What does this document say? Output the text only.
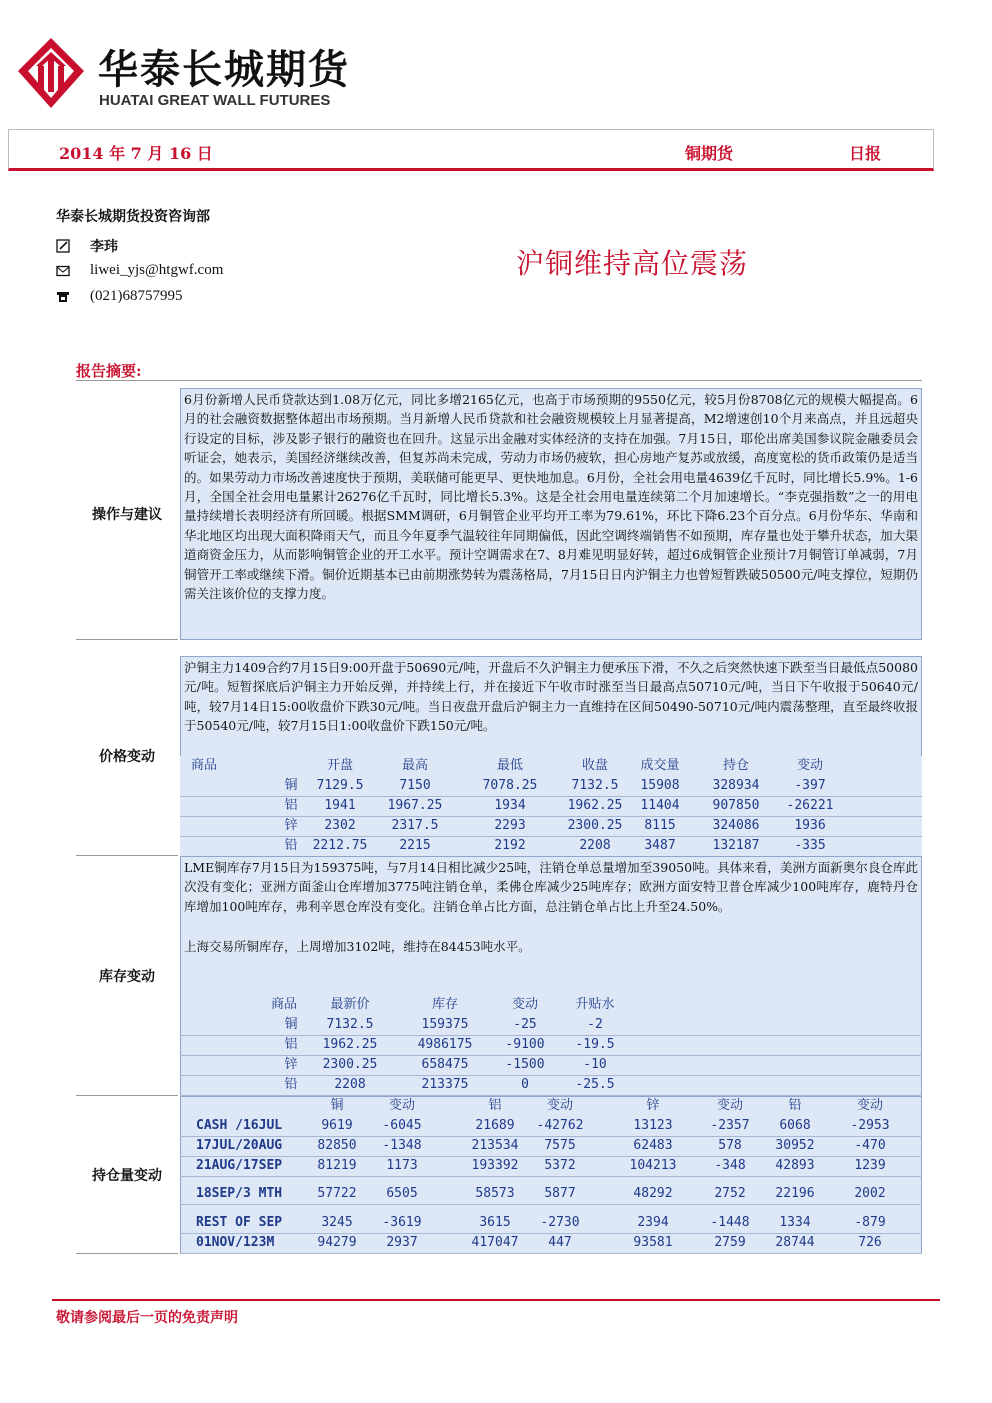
华泰长城期货
HUATAI GREAT WALL FUTURES
2014 年 7 月 16 日	铜期货	日报
华泰长城期货投资咨询部
李玮
liwei_yjs@htgwf.com
(021)68757995
沪铜维持高位震荡
报告摘要:
操作与建议
6月份新增人民币贷款达到1.08万亿元，同比多增2165亿元，也高于市场预期的9550亿元，较5月份8708亿元的规模大幅提高。6月的社会融资数据整体超出市场预期。当月新增人民币贷款和社会融资规模较上月显著提高，M2增速创10个月来高点，并且远超央行设定的目标，涉及影子银行的融资也在回升。这显示出金融对实体经济的支持在加强。7月15日，耶伦出席美国参议院金融委员会听证会，她表示，美国经济继续改善，但复苏尚未完成，劳动力市场仍疲软，担心房地产复苏或放缓，高度宽松的货币政策仍是适当的。如果劳动力市场改善速度快于预期，美联储可能更早、更快地加息。6月份，全社会用电量4639亿千瓦时，同比增长5.9%。1-6月，全国全社会用电量累计26276亿千瓦时，同比增长5.3%。这是全社会用电量连续第二个月加速增长。“李克强指数”之一的用电量持续增长表明经济有所回暖。根据SMM调研，6月铜管企业平均开工率为79.61%，环比下降6.23个百分点。6月份华东、华南和华北地区均出现大面积降雨天气，而且今年夏季气温较往年同期偏低，因此空调终端销售不如预期，库存量也处于攀升状态，加大渠道商资金压力，从而影响铜管企业的开工水平。预计空调需求在7、8月难见明显好转，超过6成铜管企业预计7月铜管订单减弱，7月铜管开工率或继续下滑。铜价近期基本已由前期涨势转为震荡格局，7月15日日内沪铜主力也曾短暂跌破50500元/吨支撑位，短期仍需关注该价位的支撑力度。
价格变动
沪铜主力1409合约7月15日9:00开盘于50690元/吨，开盘后不久沪铜主力便承压下滑，不久之后突然快速下跌至当日最低点50080元/吨。短暂探底后沪铜主力开始反弹，并持续上行，并在接近下午收市时涨至当日最高点50710元/吨，当日下午收报于50640元/吨，较7月14日15:00收盘价下跌30元/吨。当日夜盘开盘后沪铜主力一直维持在区间50490-50710元/吨内震荡整理，直至最终收报于50540元/吨，较7月15日1:00收盘价下跌150元/吨。
商品	开盘	最高	最低	收盘	成交量	持仓	变动
铜	7129.5	7150	7078.25	7132.5	15908	328934	-397
铝	1941	1967.25	1934	1962.25	11404	907850	-26221
锌	2302	2317.5	2293	2300.25	8115	324086	1936
铅	2212.75	2215	2192	2208	3487	132187	-335
库存变动
LME铜库存7月15日为159375吨，与7月14日相比减少25吨，注销仓单总量增加至39050吨。具体来看，美洲方面新奥尔良仓库此次没有变化；亚洲方面釜山仓库增加3775吨注销仓单，柔佛仓库减少25吨库存；欧洲方面安特卫普仓库减少100吨库存，鹿特丹仓库增加100吨库存，弗利辛恩仓库没有变化。注销仓单占比方面，总注销仓单占比上升至24.50%。
上海交易所铜库存，上周增加3102吨，维持在84453吨水平。
商品	最新价	库存	变动	升贴水
铜	7132.5	159375	-25	-2
铝	1962.25	4986175	-9100	-19.5
锌	2300.25	658475	-1500	-10
铅	2208	213375	0	-25.5
持仓量变动
铜	变动	铝	变动	锌	变动	铅	变动
CASH /16JUL	9619	-6045	21689	-42762	13123	-2357	6068	-2953
17JUL/20AUG	82850	-1348	213534	7575	62483	578	30952	-470
21AUG/17SEP	81219	1173	193392	5372	104213	-348	42893	1239
18SEP/3 MTH	57722	6505	58573	5877	48292	2752	22196	2002
REST OF SEP	3245	-3619	3615	-2730	2394	-1448	1334	-879
01NOV/123M	94279	2937	417047	447	93581	2759	28744	726
敬请参阅最后一页的免责声明
